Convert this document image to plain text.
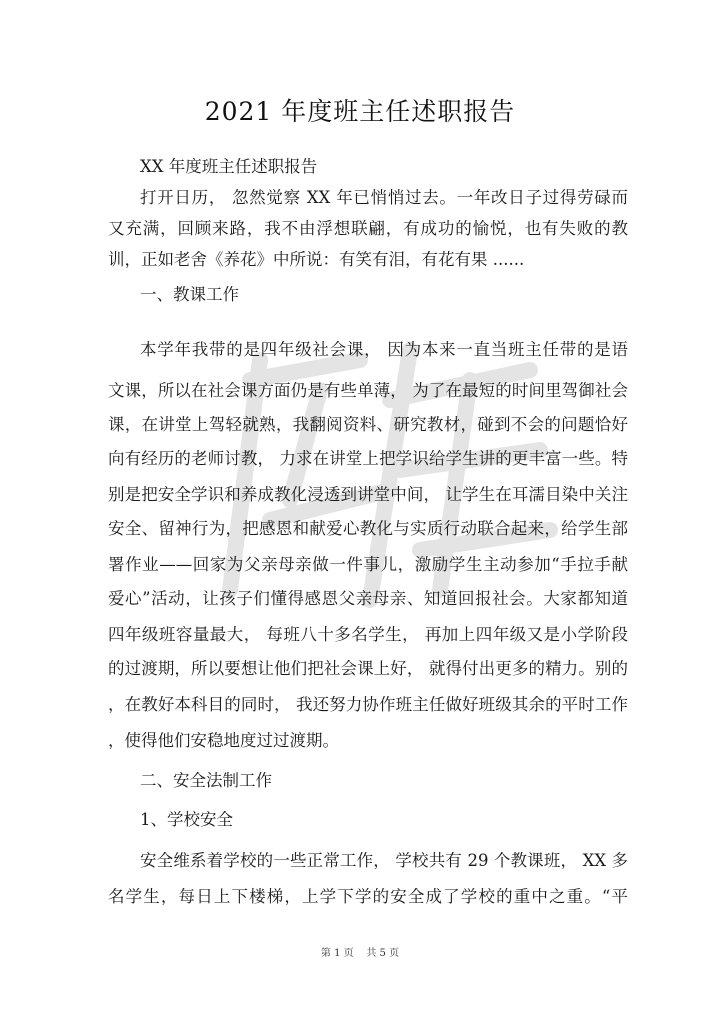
2021 年度班主任述职报告
XX 年度班主任述职报告
打开日历， 忽然觉察 XX 年已悄悄过去。一年改日子过得劳碌而
又充满，回顾来路，我不由浮想联翩，有成功的愉悦，也有失败的教
训，正如老舍《养花》中所说：有笑有泪，有花有果 ......
一、教课工作
本学年我带的是四年级社会课， 因为本来一直当班主任带的是语
文课，所以在社会课方面仍是有些单薄， 为了在最短的时间里驾御社会
课，在讲堂上驾轻就熟，我翻阅资料、研究教材，碰到不会的问题恰好
向有经历的老师讨教， 力求在讲堂上把学识给学生讲的更丰富一些。特
别是把安全学识和养成教化浸透到讲堂中间， 让学生在耳濡目染中关注
安全、留神行为，把感恩和献爱心教化与实质行动联合起来，给学生部
署作业——回家为父亲母亲做一件事儿，激励学生主动参加“手拉手献
爱心”活动，让孩子们懂得感恩父亲母亲、知道回报社会。大家都知道
四年级班容量最大， 每班八十多名学生， 再加上四年级又是小学阶段
的过渡期，所以要想让他们把社会课上好， 就得付出更多的精力。别的
，在教好本科目的同时， 我还努力协作班主任做好班级其余的平时工作
，使得他们安稳地度过过渡期。
二、安全法制工作
1、学校安全
安全维系着学校的一些正常工作， 学校共有 29 个教课班， XX 多
名学生，每日上下楼梯，上学下学的安全成了学校的重中之重。“平
第 1 页    共 5 页
